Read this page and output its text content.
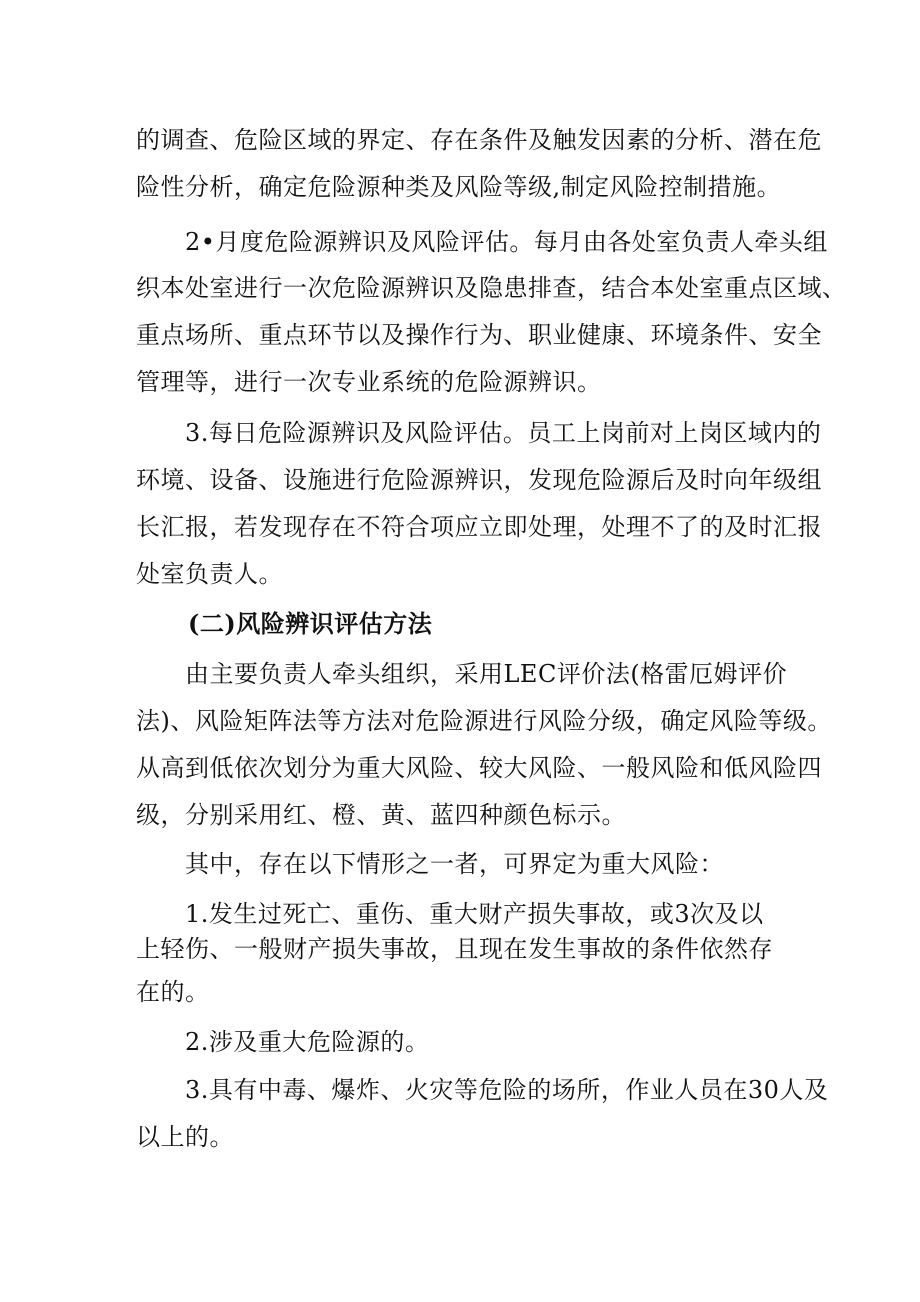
的调查、危险区域的界定、存在条件及触发因素的分析、潜在危
险性分析，确定危险源种类及风险等级,制定风险控制措施。
2•月度危险源辨识及风险评估。每月由各处室负责人牵头组
织本处室进行一次危险源辨识及隐患排查，结合本处室重点区域、
重点场所、重点环节以及操作行为、职业健康、环境条件、安全
管理等，进行一次专业系统的危险源辨识。
3.每日危险源辨识及风险评估。员工上岗前对上岗区域内的
环境、设备、设施进行危险源辨识，发现危险源后及时向年级组
长汇报，若发现存在不符合项应立即处理，处理不了的及时汇报
处室负责人。
(二)风险辨识评估方法
由主要负责人牵头组织，采用LEC评价法(格雷厄姆评价
法)、风险矩阵法等方法对危险源进行风险分级，确定风险等级。
从高到低依次划分为重大风险、较大风险、一般风险和低风险四
级，分别采用红、橙、黄、蓝四种颜色标示。
其中，存在以下情形之一者，可界定为重大风险：
1.发生过死亡、重伤、重大财产损失事故，或3次及以
上轻伤、一般财产损失事故，且现在发生事故的条件依然存
在的。
2.涉及重大危险源的。
3.具有中毒、爆炸、火灾等危险的场所，作业人员在30人及
以上的。
